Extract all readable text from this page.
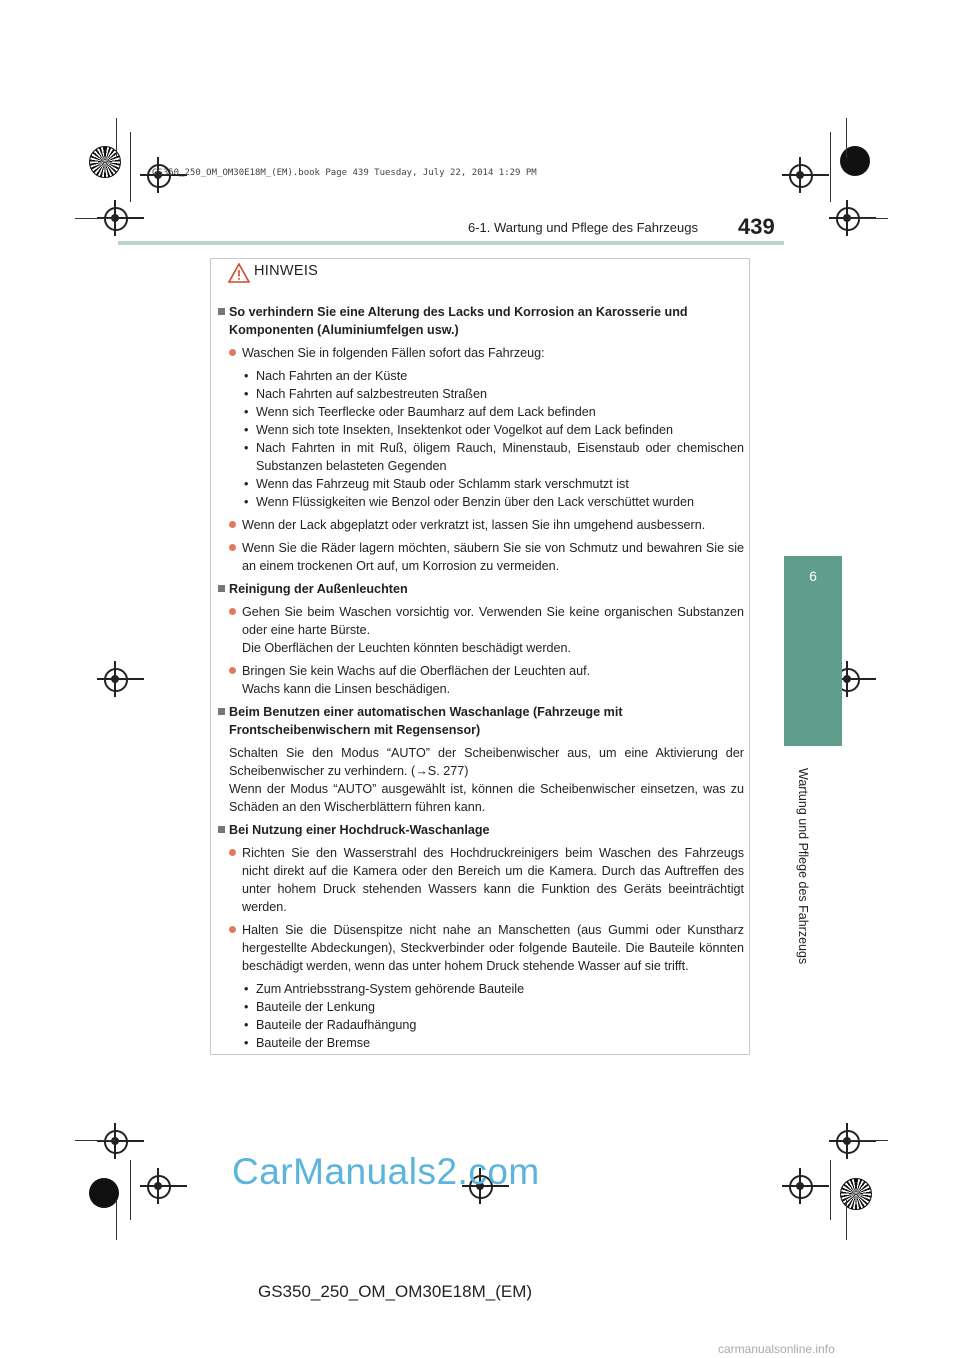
GS350_250_OM_OM30E18M_(EM).book Page 439 Tuesday, July 22, 2014 1:29 PM
6-1. Wartung und Pflege des Fahrzeugs 439
6
Wartung und Pflege des Fahrzeugs
HINWEIS

So verhindern Sie eine Alterung des Lacks und Korrosion an Karosserie und Komponenten (Aluminiumfelgen usw.)

Waschen Sie in folgenden Fällen sofort das Fahrzeug:

• Nach Fahrten an der Küste

• Nach Fahrten auf salzbestreuten Straßen

• Wenn sich Teerflecke oder Baumharz auf dem Lack befinden

• Wenn sich tote Insekten, Insektenkot oder Vogelkot auf dem Lack befinden

• Nach Fahrten in mit Ruß, öligem Rauch, Minenstaub, Eisenstaub oder chemischen Substanzen belasteten Gegenden

• Wenn das Fahrzeug mit Staub oder Schlamm stark verschmutzt ist

• Wenn Flüssigkeiten wie Benzol oder Benzin über den Lack verschüttet wurden

Wenn der Lack abgeplatzt oder verkratzt ist, lassen Sie ihn umgehend ausbessern.

Wenn Sie die Räder lagern möchten, säubern Sie sie von Schmutz und bewahren Sie sie an einem trockenen Ort auf, um Korrosion zu vermeiden.

Reinigung der Außenleuchten

Gehen Sie beim Waschen vorsichtig vor. Verwenden Sie keine organischen Substanzen oder eine harte Bürste.
Die Oberflächen der Leuchten könnten beschädigt werden.

Bringen Sie kein Wachs auf die Oberflächen der Leuchten auf.
Wachs kann die Linsen beschädigen.

Beim Benutzen einer automatischen Waschanlage (Fahrzeuge mit Frontscheibenwischern mit Regensensor)

Schalten Sie den Modus “AUTO” der Scheibenwischer aus, um eine Aktivierung der Scheibenwischer zu verhindern. (→S. 277)
Wenn der Modus “AUTO” ausgewählt ist, können die Scheibenwischer einsetzen, was zu Schäden an den Wischerblättern führen kann.

Bei Nutzung einer Hochdruck-Waschanlage

Richten Sie den Wasserstrahl des Hochdruckreinigers beim Waschen des Fahrzeugs nicht direkt auf die Kamera oder den Bereich um die Kamera. Durch das Auftreffen des unter hohem Druck stehenden Wassers kann die Funktion des Geräts beeinträchtigt werden.

Halten Sie die Düsenspitze nicht nahe an Manschetten (aus Gummi oder Kunstharz hergestellte Abdeckungen), Steckverbinder oder folgende Bauteile. Die Bauteile könnten beschädigt werden, wenn das unter hohem Druck stehende Wasser auf sie trifft.

• Zum Antriebsstrang-System gehörende Bauteile

• Bauteile der Lenkung

• Bauteile der Radaufhängung

• Bauteile der Bremse

CarManuals2.com
GS350_250_OM_OM30E18M_(EM)
carmanualsonline.info
